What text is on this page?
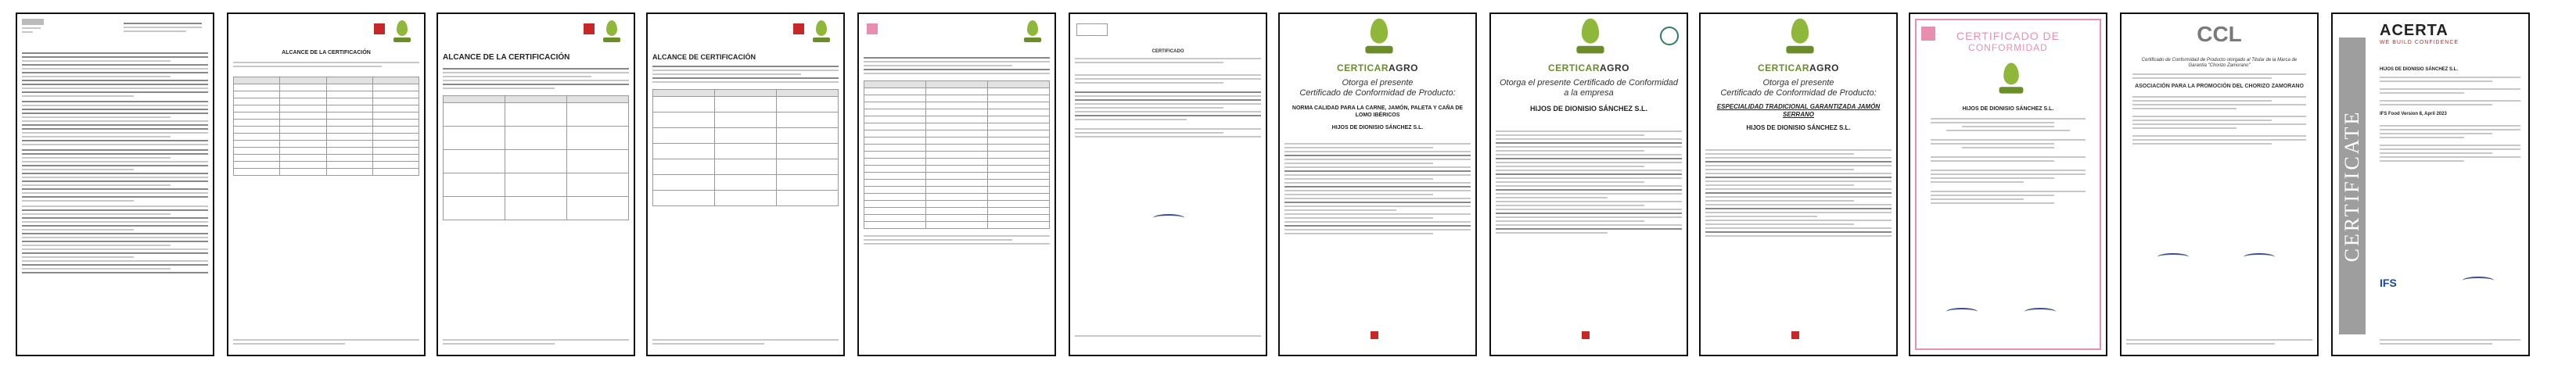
ALCANCE DE LA CERTIFICACIÓN

ALCANCE DE LA CERTIFICACIÓN

			ALCANCE DE CERTIFICACIÓN

CERTIFICADO
CERTICARAGRO
Otorga el presente
Certificado de Conformidad de Producto:
NORMA CALIDAD PARA LA CARNE, JAMÓN, PALETA Y CAÑA DE LOMO IBÉRICOS
HIJOS DE DIONISIO SÁNCHEZ S.L.
CERTICARAGRO
Otorga el presente Certificado de Conformidad
a la empresa
HIJOS DE DIONISIO SÁNCHEZ S.L.
CERTICARAGRO
Otorga el presente
Certificado de Conformidad de Producto:
ESPECIALIDAD TRADICIONAL GARANTIZADA JAMÓN SERRANO
HIJOS DE DIONISIO SÁNCHEZ S.L.
CERTIFICADO DE
CONFORMIDAD
HIJOS DE DIONISIO SÁNCHEZ S.L.
CCL
Certificado de Conformidad de Producto otorgado al Titular de la Marca de Garantía "Chorizo Zamorano"
ASOCIACIÓN PARA LA PROMOCIÓN DEL CHORIZO ZAMORANO
CERTIFICATE
ACERTA
WE BUILD CONFIDENCE
HIJOS DE DIONISIO SÁNCHEZ S.L.
IFS Food Version 8, April 2023
IFS
